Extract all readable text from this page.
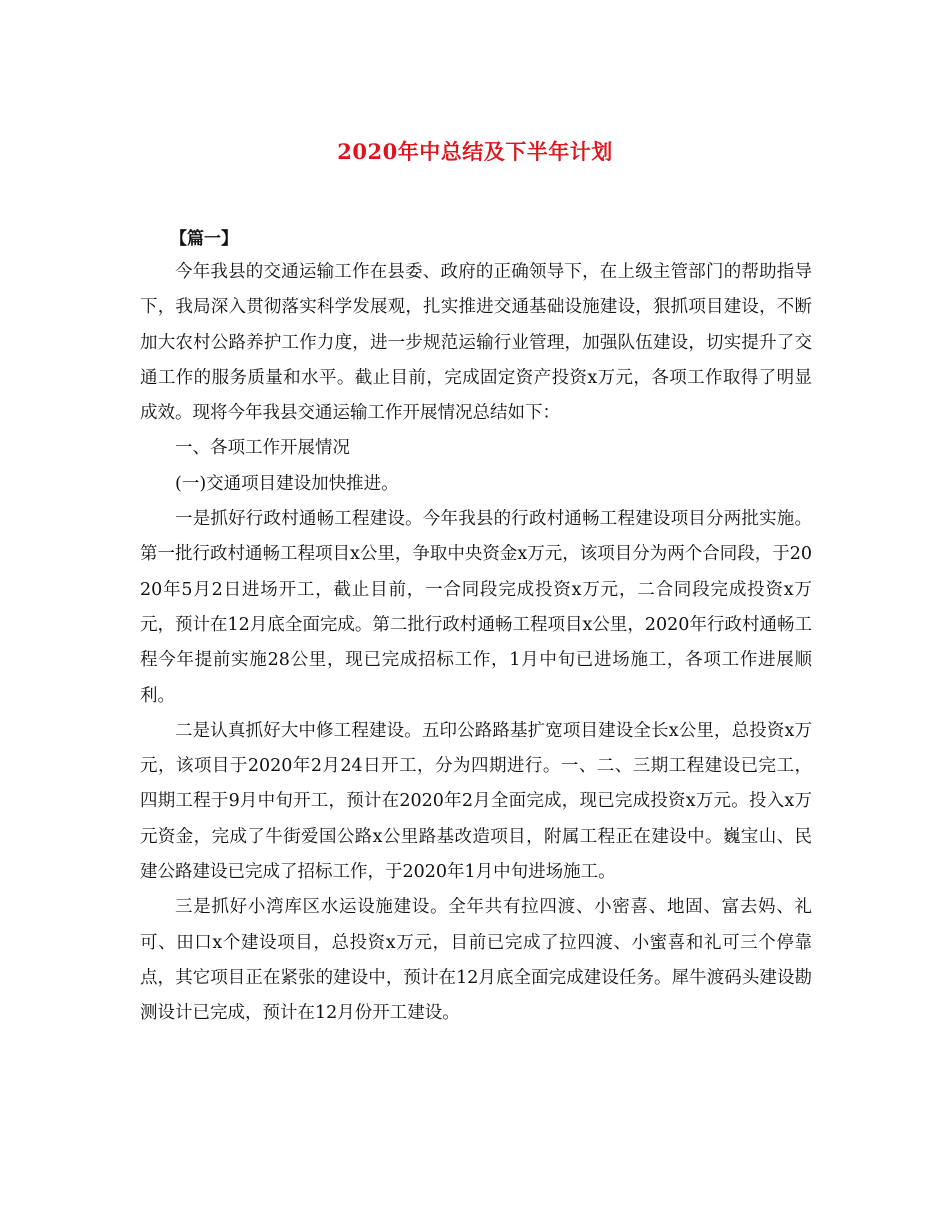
2020年中总结及下半年计划
【篇一】

今年我县的交通运输工作在县委、政府的正确领导下，在上级主管部门的帮助指导下，我局深入贯彻落实科学发展观，扎实推进交通基础设施建设，狠抓项目建设，不断加大农村公路养护工作力度，进一步规范运输行业管理，加强队伍建设，切实提升了交通工作的服务质量和水平。截止目前，完成固定资产投资x万元，各项工作取得了明显成效。现将今年我县交通运输工作开展情况总结如下：

一、各项工作开展情况

(一)交通项目建设加快推进。

一是抓好行政村通畅工程建设。今年我县的行政村通畅工程建设项目分两批实施。第一批行政村通畅工程项目x公里，争取中央资金x万元，该项目分为两个合同段，于2020年5月2日进场开工，截止目前，一合同段完成投资x万元，二合同段完成投资x万元，预计在12月底全面完成。第二批行政村通畅工程项目x公里，2020年行政村通畅工程今年提前实施28公里，现已完成招标工作，1月中旬已进场施工，各项工作进展顺利。

二是认真抓好大中修工程建设。五印公路路基扩宽项目建设全长x公里，总投资x万元，该项目于2020年2月24日开工，分为四期进行。一、二、三期工程建设已完工，四期工程于9月中旬开工，预计在2020年2月全面完成，现已完成投资x万元。投入x万元资金，完成了牛街爱国公路x公里路基改造项目，附属工程正在建设中。巍宝山、民建公路建设已完成了招标工作，于2020年1月中旬进场施工。

三是抓好小湾库区水运设施建设。全年共有拉四渡、小密喜、地固、富去妈、礼可、田口x个建设项目，总投资x万元，目前已完成了拉四渡、小蜜喜和礼可三个停靠点，其它项目正在紧张的建设中，预计在12月底全面完成建设任务。犀牛渡码头建设勘测设计已完成，预计在12月份开工建设。
